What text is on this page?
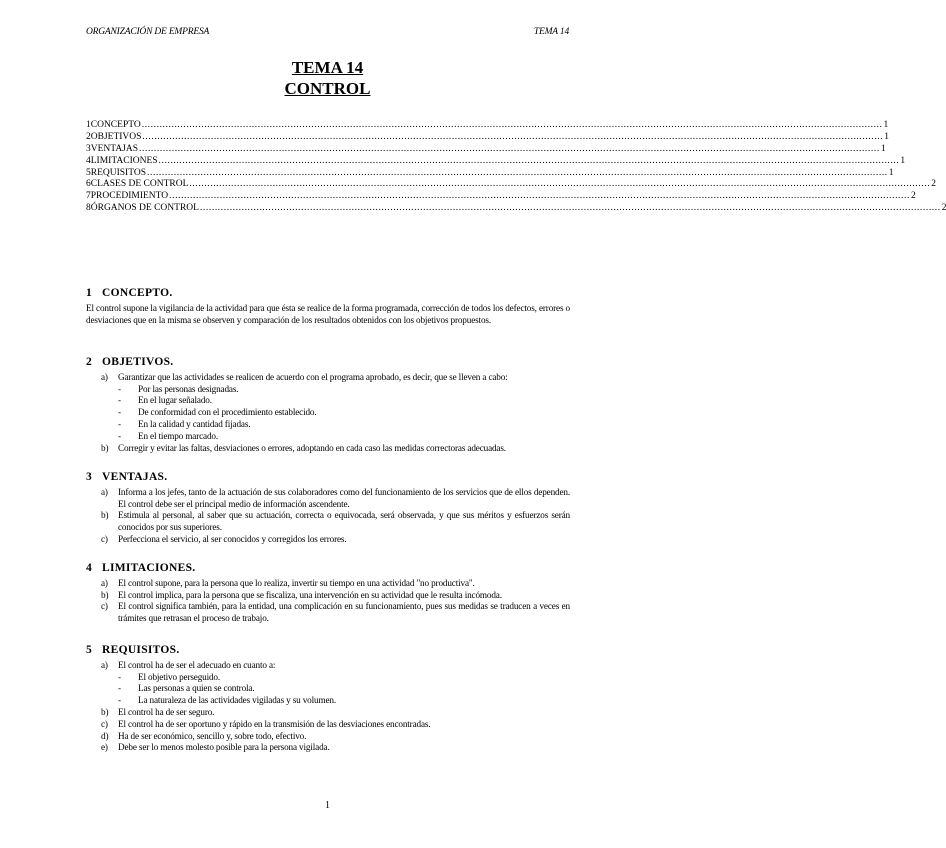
ORGANIZACIÓN DE EMPRESA	TEMA 14
TEMA 14
CONTROL
1 CONCEPTO ......................................................................................................................................................................................................................................................... 1
2 OBJETIVOS ......................................................................................................................................................................................................................................................... 1
3 VENTAJAS ......................................................................................................................................................................................................................................................... 1
4 LIMITACIONES ......................................................................................................................................................................................................................................................... 1
5 REQUISITOS ......................................................................................................................................................................................................................................................... 1
6 CLASES DE CONTROL ......................................................................................................................................................................................................................................................... 2
7 PROCEDIMIENTO ......................................................................................................................................................................................................................................................... 2
8 ÓRGANOS DE CONTROL ......................................................................................................................................................................................................................................................... 2
1 CONCEPTO.
El control supone la vigilancia de la actividad para que ésta se realice de la forma programada, corrección de todos los defectos, errores o desviaciones que en la misma se observen y comparación de los resultados obtenidos con los objetivos propuestos.
2 OBJETIVOS.
a)	Garantizar que las actividades se realicen de acuerdo con el programa aprobado, es decir, que se lleven a cabo:
-	Por las personas designadas.
-	En el lugar señalado.
-	De conformidad con el procedimiento establecido.
-	En la calidad y cantidad fijadas.
-	En el tiempo marcado.
b)	Corregir y evitar las faltas, desviaciones o errores, adoptando en cada caso las medidas correctoras adecuadas.
3 VENTAJAS.
a)	Informa a los jefes, tanto de la actuación de sus colaboradores como del funcionamiento de los servicios que de ellos dependen. El control debe ser el principal medio de información ascendente.
b)	Estimula al personal, al saber que su actuación, correcta o equivocada, será observada, y que sus méritos y esfuerzos serán conocidos por sus superiores.
c)	Perfecciona el servicio, al ser conocidos y corregidos los errores.
4 LIMITACIONES.
a)	El control supone, para la persona que lo realiza, invertir su tiempo en una actividad "no productiva".
b)	El control implica, para la persona que se fiscaliza, una intervención en su actividad que le resulta incómoda.
c)	El control significa también, para la entidad, una complicación en su funcionamiento, pues sus medidas se traducen a veces en trámites que retrasan el proceso de trabajo.
5 REQUISITOS.
a)	El control ha de ser el adecuado en cuanto a:
-	El objetivo perseguido.
-	Las personas a quien se controla.
-	La naturaleza de las actividades vigiladas y su volumen.
b)	El control ha de ser seguro.
c)	El control ha de ser oportuno y rápido en la transmisión de las desviaciones encontradas.
d)	Ha de ser económico, sencillo y, sobre todo, efectivo.
e)	Debe ser lo menos molesto posible para la persona vigilada.
1
